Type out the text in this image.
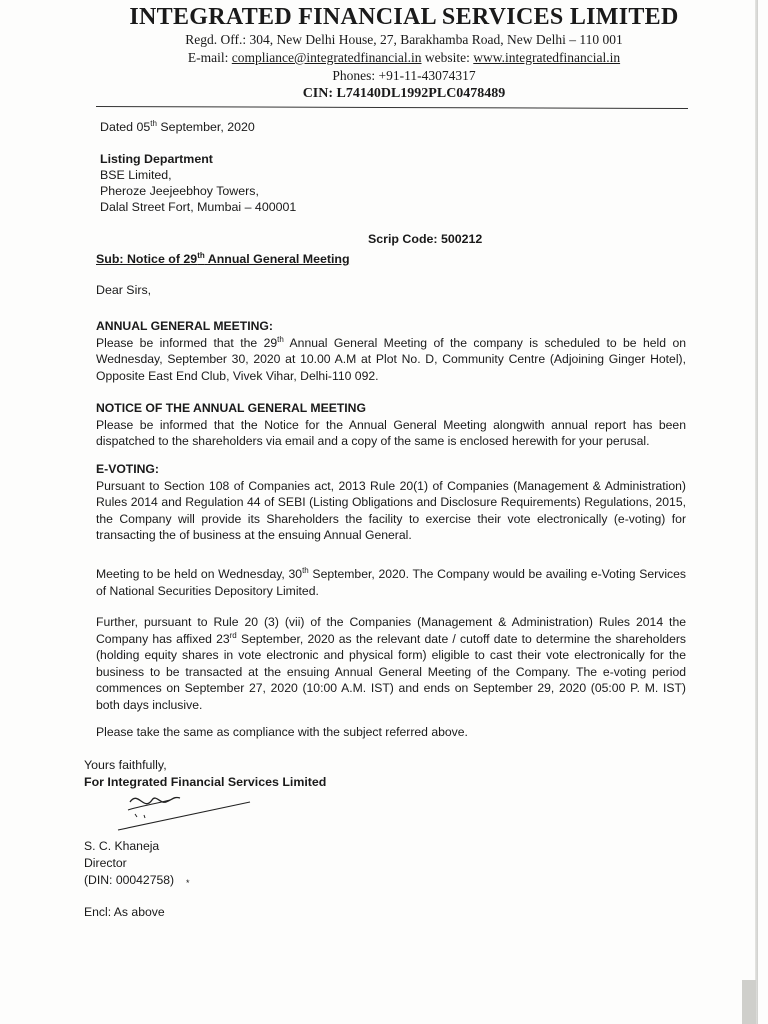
INTEGRATED FINANCIAL SERVICES LIMITED
Regd. Off.: 304, New Delhi House, 27, Barakhamba Road, New Delhi – 110 001
E-mail: compliance@integratedfinancial.in website: www.integratedfinancial.in
Phones: +91-11-43074317
CIN: L74140DL1992PLC0478489
Dated 05th September, 2020
Listing Department
BSE Limited,
Pheroze Jeejeebhoy Towers,
Dalal Street Fort, Mumbai – 400001
Scrip Code: 500212
Sub: Notice of 29th Annual General Meeting
Dear Sirs,
ANNUAL GENERAL MEETING:
Please be informed that the 29th Annual General Meeting of the company is scheduled to be held on Wednesday, September 30, 2020 at 10.00 A.M at Plot No. D, Community Centre (Adjoining Ginger Hotel), Opposite East End Club, Vivek Vihar, Delhi-110 092.
NOTICE OF THE ANNUAL GENERAL MEETING
Please be informed that the Notice for the Annual General Meeting alongwith annual report has been dispatched to the shareholders via email and a copy of the same is enclosed herewith for your perusal.
E-VOTING:
Pursuant to Section 108 of Companies act, 2013 Rule 20(1) of Companies (Management & Administration) Rules 2014 and Regulation 44 of SEBI (Listing Obligations and Disclosure Requirements) Regulations, 2015, the Company will provide its Shareholders the facility to exercise their vote electronically (e-voting) for transacting the of business at the ensuing Annual General.
Meeting to be held on Wednesday, 30th September, 2020. The Company would be availing e-Voting Services of National Securities Depository Limited.
Further, pursuant to Rule 20 (3) (vii) of the Companies (Management & Administration) Rules 2014 the Company has affixed 23rd September, 2020 as the relevant date / cutoff date to determine the shareholders (holding equity shares in vote electronic and physical form) eligible to cast their vote electronically for the business to be transacted at the ensuing Annual General Meeting of the Company. The e-voting period commences on September 27, 2020 (10:00 A.M. IST) and ends on September 29, 2020 (05:00 P. M. IST) both days inclusive.
Please take the same as compliance with the subject referred above.
Yours faithfully,
For Integrated Financial Services Limited
S. C. Khaneja
Director
(DIN: 00042758) *
Encl: As above
